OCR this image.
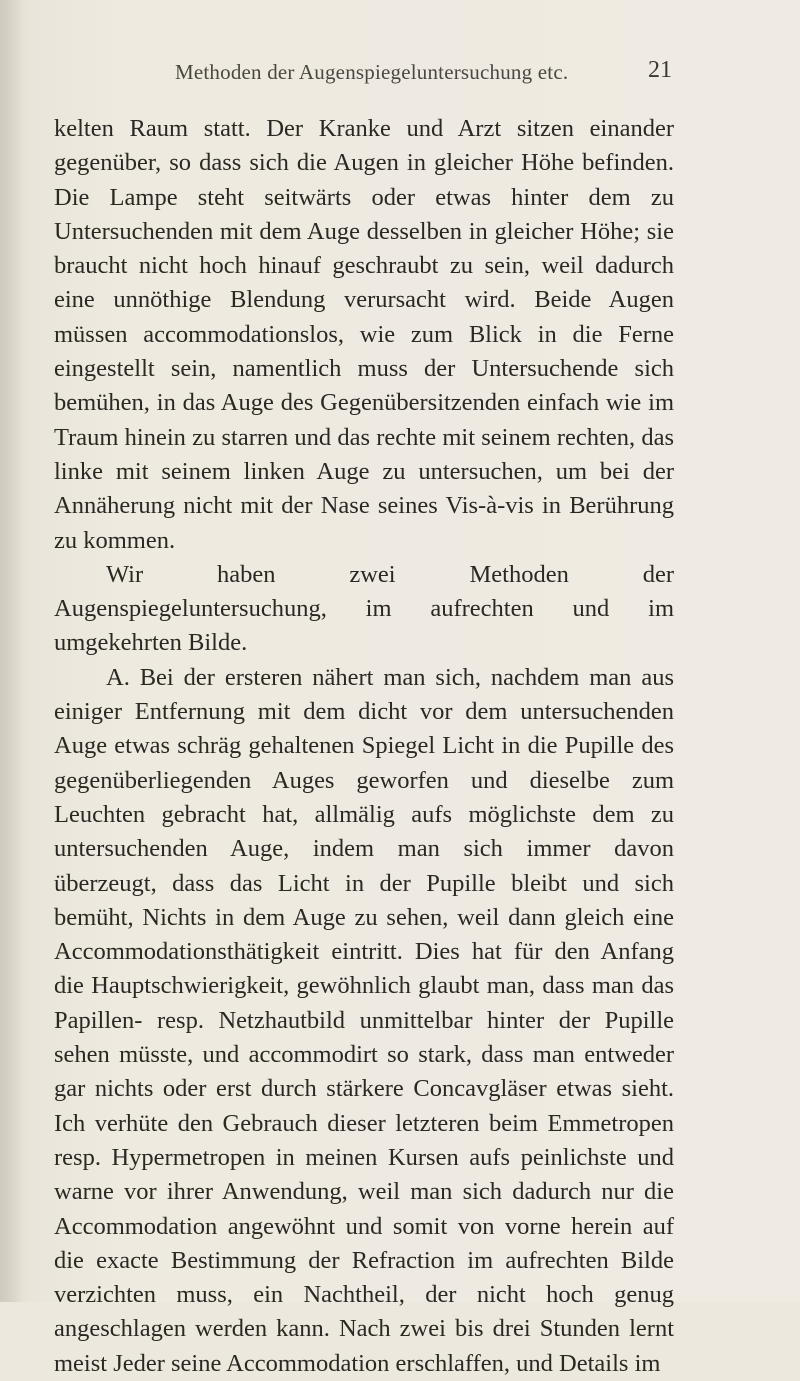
Methoden der Augenspiegeluntersuchung etc.	21

kelten Raum statt. Der Kranke und Arzt sitzen einander gegenüber, so dass sich die Augen in gleicher Höhe befinden. Die Lampe steht seitwärts oder etwas hinter dem zu Untersuchenden mit dem Auge desselben in gleicher Höhe; sie braucht nicht hoch hinauf geschraubt zu sein, weil dadurch eine unnöthige Blendung verursacht wird. Beide Augen müssen accommodationslos, wie zum Blick in die Ferne eingestellt sein, namentlich muss der Untersuchende sich bemühen, in das Auge des Gegenübersitzenden einfach wie im Traum hinein zu starren und das rechte mit seinem rechten, das linke mit seinem linken Auge zu untersuchen, um bei der Annäherung nicht mit der Nase seines Vis-à-vis in Berührung zu kommen.

Wir haben zwei Methoden der Augenspiegeluntersuchung, im aufrechten und im umgekehrten Bilde.

A. Bei der ersteren nähert man sich, nachdem man aus einiger Entfernung mit dem dicht vor dem untersuchenden Auge etwas schräg gehaltenen Spiegel Licht in die Pupille des gegenüberliegenden Auges geworfen und dieselbe zum Leuchten gebracht hat, allmälig aufs möglichste dem zu untersuchenden Auge, indem man sich immer davon überzeugt, dass das Licht in der Pupille bleibt und sich bemüht, Nichts in dem Auge zu sehen, weil dann gleich eine Accommodationsthätigkeit eintritt. Dies hat für den Anfang die Hauptschwierigkeit, gewöhnlich glaubt man, dass man das Papillen- resp. Netzhautbild unmittelbar hinter der Pupille sehen müsste, und accommodirt so stark, dass man entweder gar nichts oder erst durch stärkere Concavgläser etwas sieht. Ich verhüte den Gebrauch dieser letzteren beim Emmetropen resp. Hypermetropen in meinen Kursen aufs peinlichste und warne vor ihrer Anwendung, weil man sich dadurch nur die Accommodation angewöhnt und somit von vorne herein auf die exacte Bestimmung der Refraction im aufrechten Bilde verzichten muss, ein Nachtheil, der nicht hoch genug angeschlagen werden kann. Nach zwei bis drei Stunden lernt meist Jeder seine Accommodation erschlaffen, und Details im
